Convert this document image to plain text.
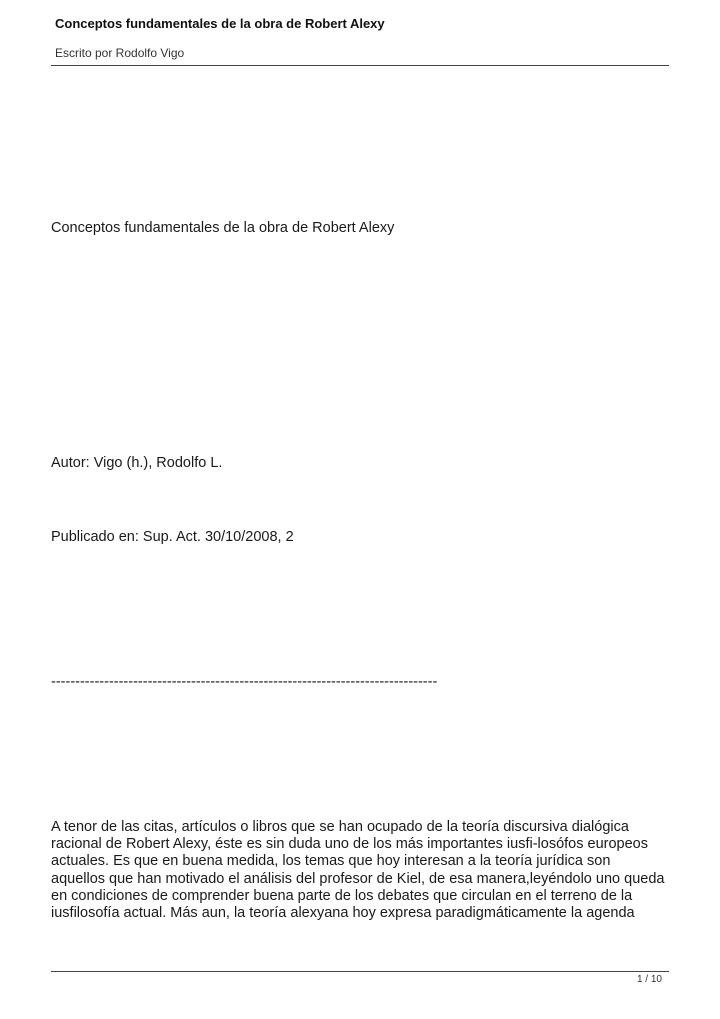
Conceptos fundamentales de la obra de Robert Alexy
Escrito por Rodolfo Vigo
Conceptos fundamentales de la obra de Robert Alexy
Autor: Vigo (h.), Rodolfo L.
Publicado en: Sup. Act. 30/10/2008, 2
--------------------------------------------------------------------------------
A tenor de las citas, artículos o libros que se han ocupado de la teoría discursiva dialógica
racional de Robert Alexy, éste es sin duda uno de los más importantes iusfi-losófos europeos
actuales. Es que en buena medida, los temas que hoy interesan a la teoría jurídica son
aquellos que han motivado el análisis del profesor de Kiel, de esa manera,leyéndolo uno queda
en condiciones de comprender buena parte de los debates que circulan en el terreno de la
iusfilosofía actual. Más aun, la teoría alexyana hoy expresa paradigmáticamente la agenda
1 / 10
